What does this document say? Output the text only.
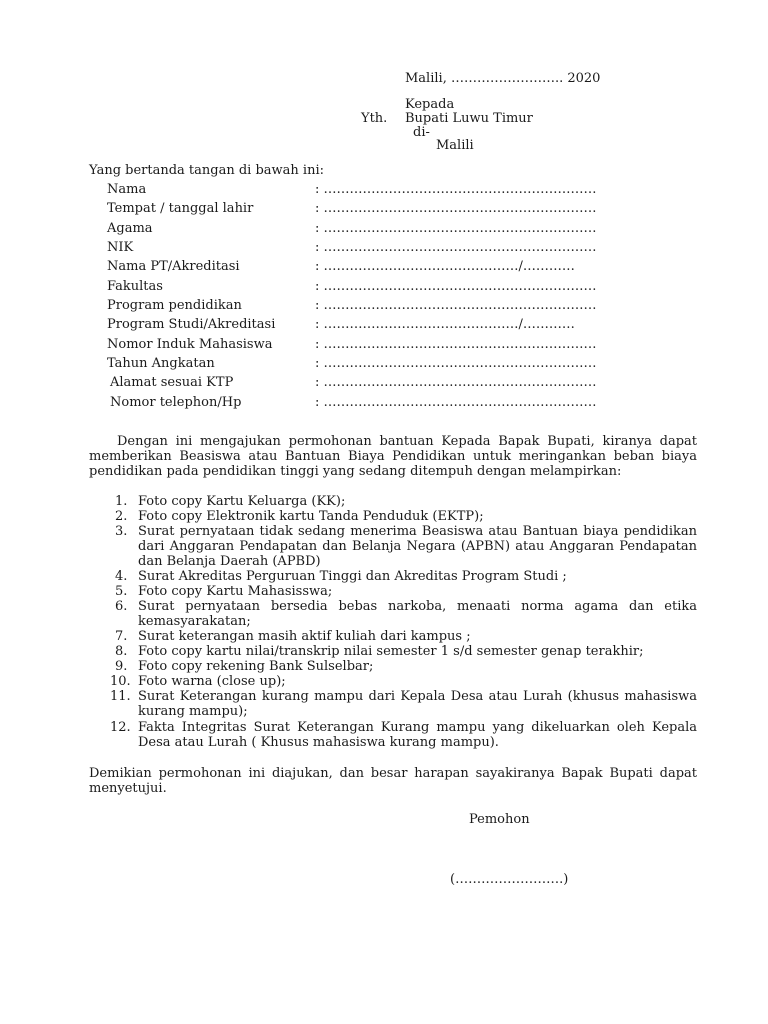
Malili, …………………….. 2020
Kepada
Yth. Bupati Luwu Timur
di-
Malili
Yang bertanda tangan di bawah ini:
Nama	: ………………………………………………………
Tempat / tanggal lahir	: ………………………………………………………
Agama	: ………………………………………………………
NIK	: ………………………………………………………
Nama PT/Akreditasi	: ………………………………………/…………
Fakultas	: ………………………………………………………
Program pendidikan	: ………………………………………………………
Program Studi/Akreditasi	: ………………………………………/…………
Nomor Induk Mahasiswa	: ………………………………………………………
Tahun Angkatan	: ………………………………………………………
Alamat sesuai KTP	: ………………………………………………………
Nomor telephon/Hp	: ………………………………………………………
Dengan ini mengajukan permohonan bantuan Kepada Bapak Bupati, kiranya dapat memberikan Beasiswa atau Bantuan Biaya Pendidikan untuk meringankan beban biaya pendidikan pada pendidikan tinggi yang sedang ditempuh dengan melampirkan:
1. Foto copy Kartu Keluarga (KK);
2. Foto copy Elektronik kartu Tanda Penduduk (EKTP);
3. Surat pernyataan tidak sedang menerima Beasiswa atau Bantuan biaya pendidikan dari Anggaran Pendapatan dan Belanja Negara (APBN) atau Anggaran Pendapatan dan Belanja Daerah (APBD)
4. Surat Akreditas Perguruan Tinggi dan Akreditas Program Studi ;
5. Foto copy Kartu Mahasisswa;
6. Surat pernyataan bersedia bebas narkoba, menaati norma agama dan etika kemasyarakatan;
7. Surat keterangan masih aktif kuliah dari kampus ;
8. Foto copy kartu nilai/transkrip nilai semester 1 s/d semester genap terakhir;
9. Foto copy rekening Bank Sulselbar;
10. Foto warna (close up);
11. Surat Keterangan kurang mampu dari Kepala Desa atau Lurah (khusus mahasiswa kurang mampu);
12. Fakta Integritas Surat Keterangan Kurang mampu yang dikeluarkan oleh Kepala Desa atau Lurah ( Khusus mahasiswa kurang mampu).
Demikian permohonan ini diajukan, dan besar harapan sayakiranya Bapak Bupati dapat menyetujui.
Pemohon
(…………………….)
